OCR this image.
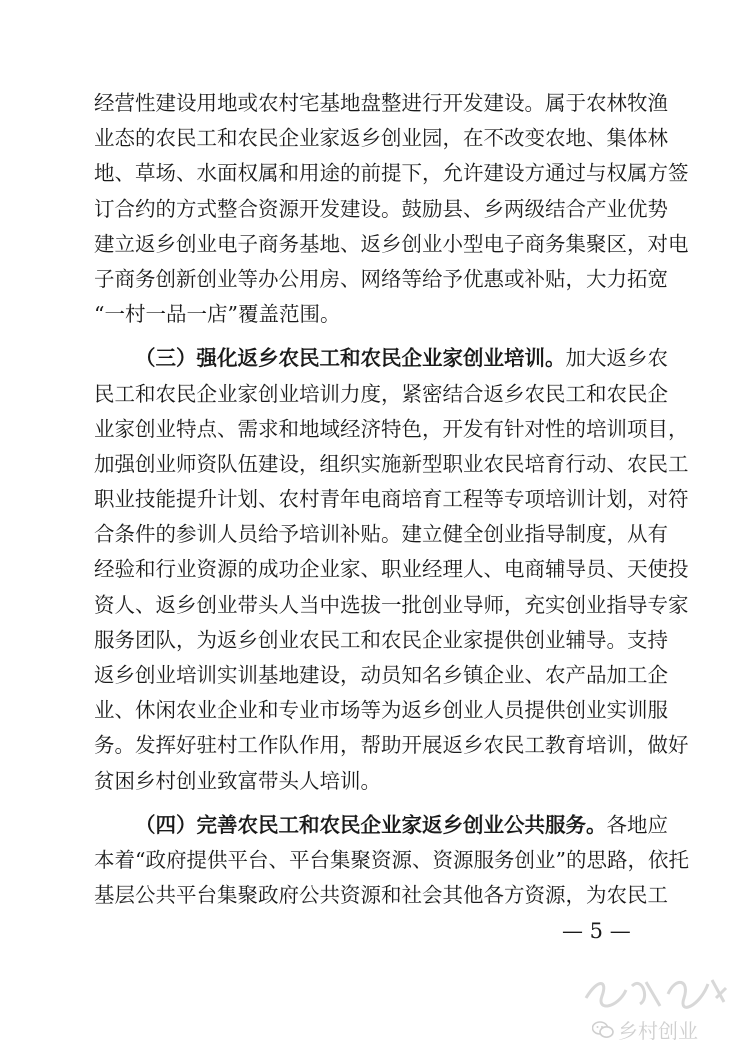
经营性建设用地或农村宅基地盘整进行开发建设。属于农林牧渔
业态的农民工和农民企业家返乡创业园，在不改变农地、集体林
地、草场、水面权属和用途的前提下，允许建设方通过与权属方签
订合约的方式整合资源开发建设。鼓励县、乡两级结合产业优势
建立返乡创业电子商务基地、返乡创业小型电子商务集聚区，对电
子商务创新创业等办公用房、网络等给予优惠或补贴，大力拓宽
“一村一品一店”覆盖范围。
（三）强化返乡农民工和农民企业家创业培训。加大返乡农
民工和农民企业家创业培训力度，紧密结合返乡农民工和农民企
业家创业特点、需求和地域经济特色，开发有针对性的培训项目，
加强创业师资队伍建设，组织实施新型职业农民培育行动、农民工
职业技能提升计划、农村青年电商培育工程等专项培训计划，对符
合条件的参训人员给予培训补贴。建立健全创业指导制度，从有
经验和行业资源的成功企业家、职业经理人、电商辅导员、天使投
资人、返乡创业带头人当中选拔一批创业导师，充实创业指导专家
服务团队，为返乡创业农民工和农民企业家提供创业辅导。支持
返乡创业培训实训基地建设，动员知名乡镇企业、农产品加工企
业、休闲农业企业和专业市场等为返乡创业人员提供创业实训服
务。发挥好驻村工作队作用，帮助开展返乡农民工教育培训，做好
贫困乡村创业致富带头人培训。
（四）完善农民工和农民企业家返乡创业公共服务。各地应
本着“政府提供平台、平台集聚资源、资源服务创业”的思路，依托
基层公共平台集聚政府公共资源和社会其他各方资源，为农民工
— 5 —
乡村创业
